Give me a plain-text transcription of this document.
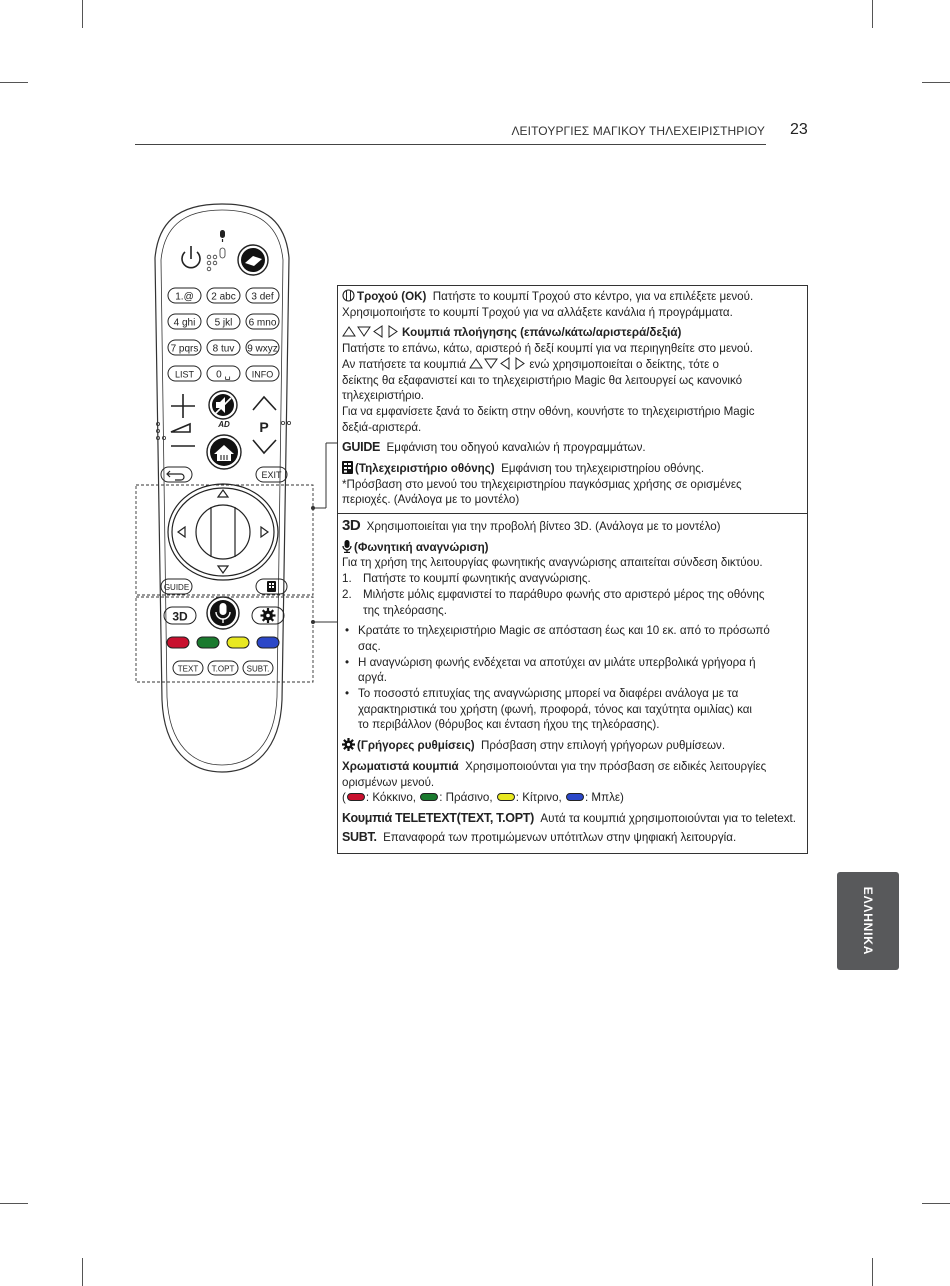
ΛΕΙΤΟΥΡΓΙΕΣ ΜΑΓΙΚΟΥ ΤΗΛΕΧΕΙΡΙΣΤΗΡΙΟΥ 23
1.@ 2 abc 3 def
4 ghi 5 jkl 6 mno
7 pqrs 8 tuv 9 wxyz
LIST 0 ␣ INFO
AD P
EXIT
GUIDE
3D
TEXT T.OPT SUBT.
Τροχού (OK) Πατήστε το κουμπί Τροχού στο κέντρο, για να επιλέξετε μενού.
Χρησιμοποιήστε το κουμπί Τροχού για να αλλάξετε κανάλια ή προγράμματα.
Κουμπιά πλοήγησης (επάνω/κάτω/αριστερά/δεξιά)
Πατήστε το επάνω, κάτω, αριστερό ή δεξί κουμπί για να περιηγηθείτε στο μενού.
Αν πατήσετε τα κουμπιά	ενώ χρησιμοποιείται ο δείκτης, τότε ο
δείκτης θα εξαφανιστεί και το τηλεχειριστήριο Magic θα λειτουργεί ως κανονικό
τηλεχειριστήριο.
Για να εμφανίσετε ξανά το δείκτη στην οθόνη, κουνήστε το τηλεχειριστήριο Magic
δεξιά-αριστερά.
GUIDE Εμφάνιση του οδηγού καναλιών ή προγραμμάτων.
(Τηλεχειριστήριο οθόνης) Εμφάνιση του τηλεχειριστηρίου οθόνης.
*Πρόσβαση στο μενού του τηλεχειριστηρίου παγκόσμιας χρήσης σε ορισμένες
περιοχές. (Ανάλογα με το μοντέλο)
3D Χρησιμοποιείται για την προβολή βίντεο 3D. (Ανάλογα με το μοντέλο)
(Φωνητική αναγνώριση)
Για τη χρήση της λειτουργίας φωνητικής αναγνώρισης απαιτείται σύνδεση δικτύου.
1. Πατήστε το κουμπί φωνητικής αναγνώρισης.
2. Μιλήστε μόλις εμφανιστεί το παράθυρο φωνής στο αριστερό μέρος της οθόνης
της τηλεόρασης.
• Κρατάτε το τηλεχειριστήριο Magic σε απόσταση έως και 10 εκ. από το πρόσωπό
σας.
• Η αναγνώριση φωνής ενδέχεται να αποτύχει αν μιλάτε υπερβολικά γρήγορα ή
αργά.
• Το ποσοστό επιτυχίας της αναγνώρισης μπορεί να διαφέρει ανάλογα με τα
χαρακτηριστικά του χρήστη (φωνή, προφορά, τόνος και ταχύτητα ομιλίας) και
το περιβάλλον (θόρυβος και ένταση ήχου της τηλεόρασης).
(Γρήγορες ρυθμίσεις) Πρόσβαση στην επιλογή γρήγορων ρυθμίσεων.
Χρωματιστά κουμπιά Χρησιμοποιούνται για την πρόσβαση σε ειδικές λειτουργίες
ορισμένων μενού.
( : Κόκκινο, : Πράσινο, : Κίτρινο, : Μπλε)
Κουμπιά TELETEXT(TEXT, T.OPT) Αυτά τα κουμπιά χρησιμοποιούνται για το teletext.
SUBT. Επαναφορά των προτιμώμενων υπότιτλων στην ψηφιακή λειτουργία.
ΕΛΛΗΝΙΚΑ
